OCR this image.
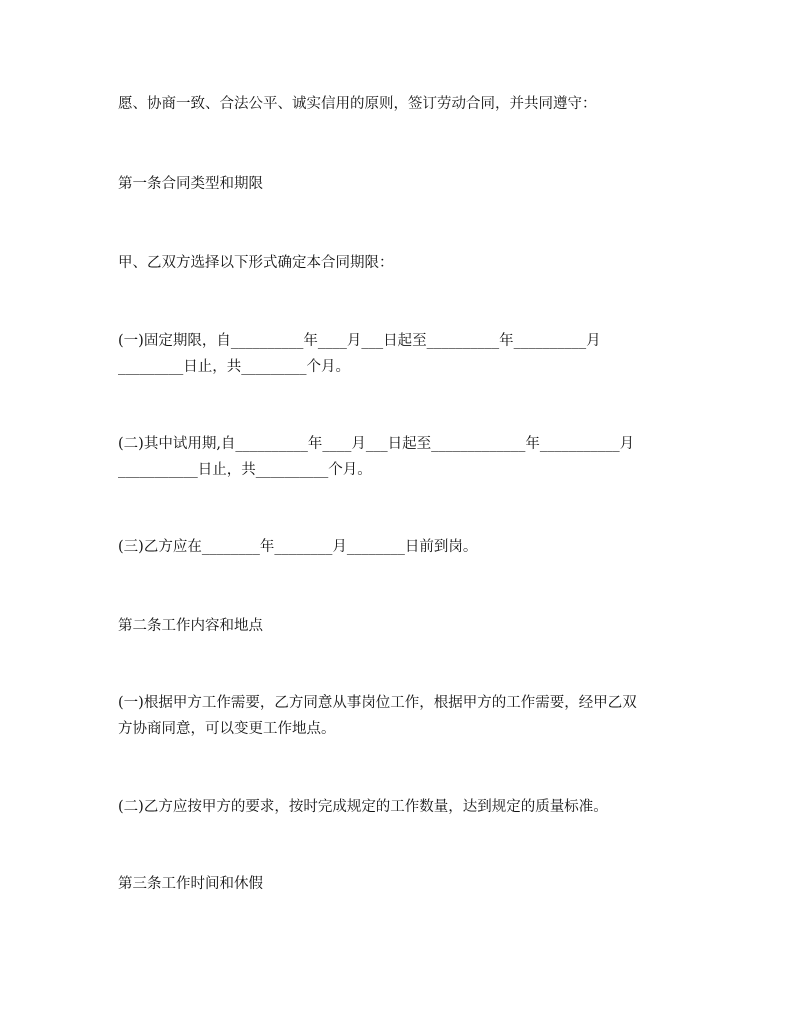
愿、协商一致、合法公平、诚实信用的原则，签订劳动合同，并共同遵守：

第一条合同类型和期限

甲、乙双方选择以下形式确定本合同期限：

(一)固定期限，自__________年____月___日起至__________年__________月
_________日止，共_________个月。

(二)其中试用期,自__________年____月___日起至_____________年___________月
___________日止，共__________个月。

(三)乙方应在________年________月________日前到岗。

第二条工作内容和地点

(一)根据甲方工作需要，乙方同意从事岗位工作，根据甲方的工作需要，经甲乙双
方协商同意，可以变更工作地点。

(二)乙方应按甲方的要求，按时完成规定的工作数量，达到规定的质量标准。

第三条工作时间和休假
